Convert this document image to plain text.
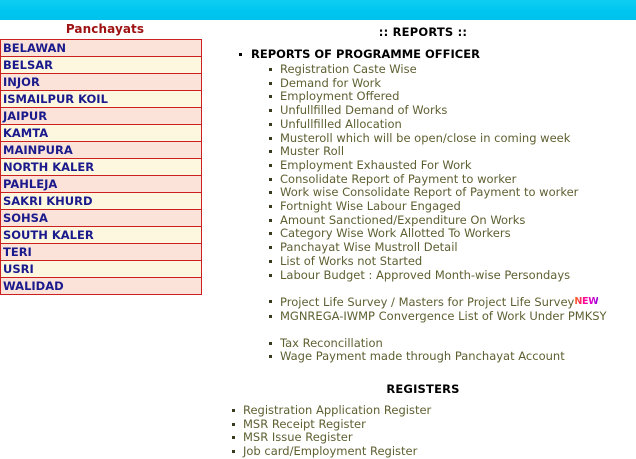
Panchayats
BELAWAN
BELSAR
INJOR
ISMAILPUR KOIL
JAIPUR
KAMTA
MAINPURA
NORTH KALER
PAHLEJA
SAKRI KHURD
SOHSA
SOUTH KALER
TERI
USRI
WALIDAD
:: REPORTS ::
REPORTS OF PROGRAMME OFFICER
Registration Caste Wise
Demand for Work
Employment Offered
Unfullfilled Demand of Works
Unfullfilled Allocation
Musteroll which will be open/close in coming week
Muster Roll
Employment Exhausted For Work
Consolidate Report of Payment to worker
Work wise Consolidate Report of Payment to worker
Fortnight Wise Labour Engaged
Amount Sanctioned/Expenditure On Works
Category Wise Work Allotted To Workers
Panchayat Wise Mustroll Detail
List of Works not Started
Labour Budget : Approved Month-wise Persondays
Project Life Survey / Masters for Project Life SurveyNEW
MGNREGA-IWMP Convergence List of Work Under PMKSY
Tax Reconcillation
Wage Payment made through Panchayat Account
REGISTERS
Registration Application Register
MSR Receipt Register
MSR Issue Register
Job card/Employment Register
